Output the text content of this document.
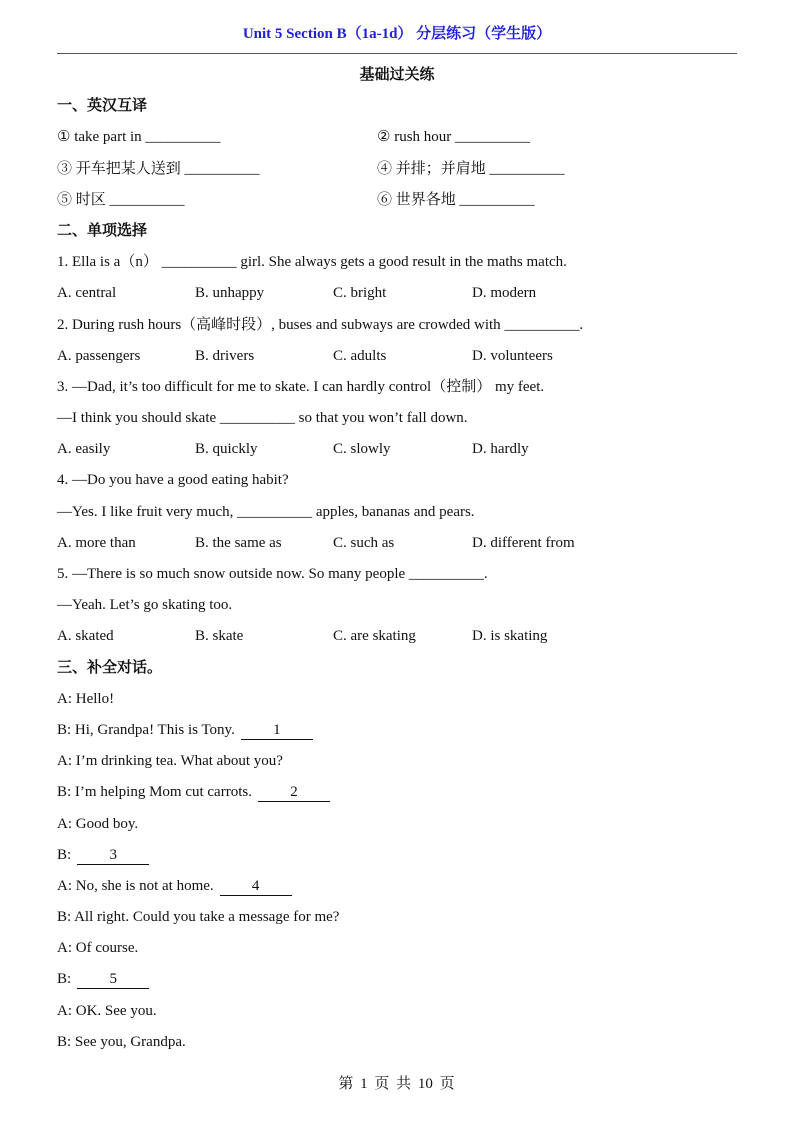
Unit 5 Section B（1a-1d） 分层练习（学生版）
基础过关练
一、英汉互译
① take part in __________	② rush hour __________
③ 开车把某人送到 __________	④ 并排；并肩地 __________
⑤ 时区 __________	⑥ 世界各地 __________
二、单项选择
1. Ella is a（n） __________ girl. She always gets a good result in the maths match.
A. central	B. unhappy	C. bright	D. modern
2. During rush hours（高峰时段）, buses and subways are crowded with __________.
A. passengers	B. drivers	C. adults	D. volunteers
3. —Dad, it’s too difficult for me to skate. I can hardly control（控制） my feet.
—I think you should skate __________ so that you won’t fall down.
A. easily	B. quickly	C. slowly	D. hardly
4. —Do you have a good eating habit?
—Yes. I like fruit very much, __________ apples, bananas and pears.
A. more than	B. the same as	C. such as	D. different from
5. —There is so much snow outside now. So many people __________.
—Yeah. Let’s go skating too.
A. skated	B. skate	C. are skating	D. is skating
三、补全对话。
A: Hello!
B: Hi, Grandpa! This is Tony.	1
A: I’m drinking tea. What about you?
B: I’m helping Mom cut carrots.	2
A: Good boy.
B:	3
A: No, she is not at home.	4
B: All right. Could you take a message for me?
A: Of course.
B:	5
A: OK. See you.
B: See you, Grandpa.
第 1 页 共 10 页
